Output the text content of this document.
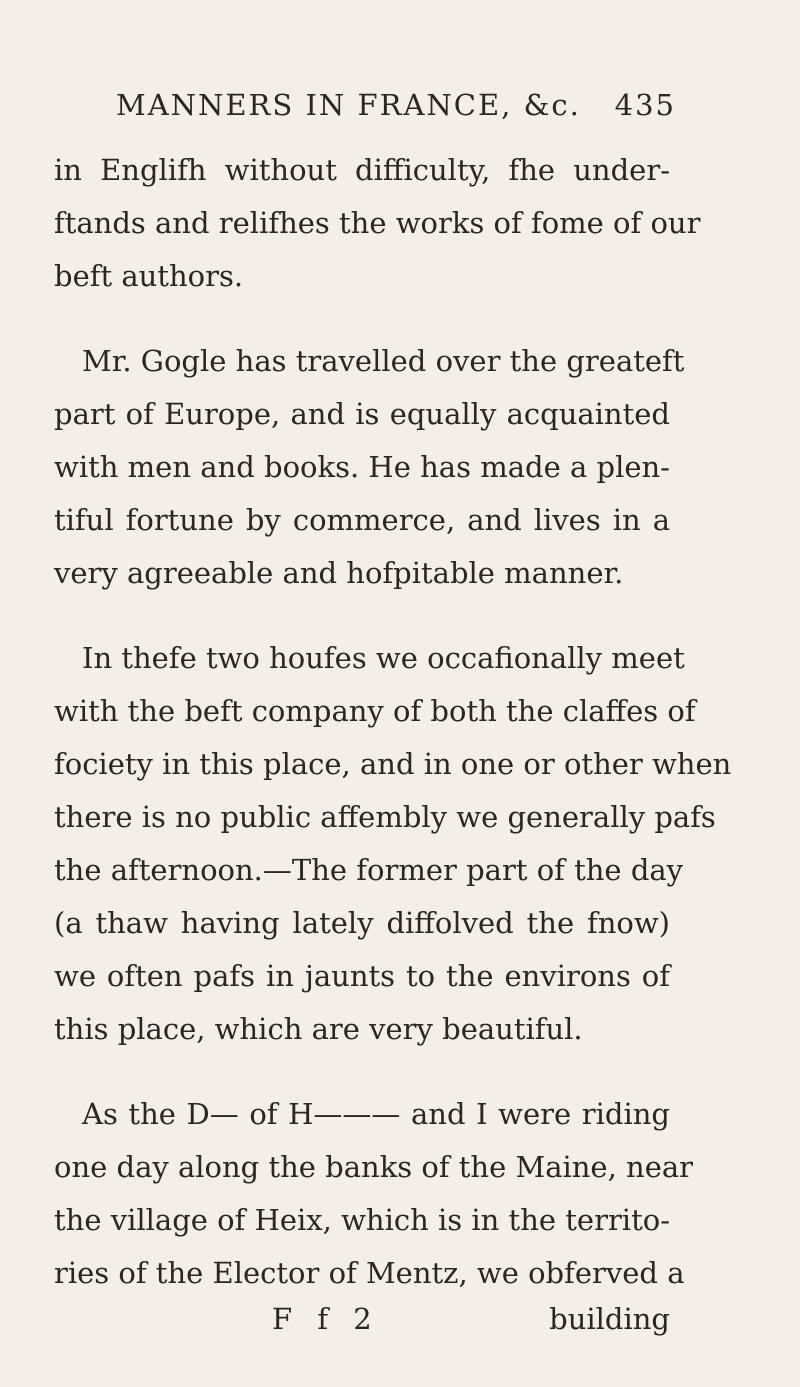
MANNERS IN FRANCE, &c. 435
in Englifh without difficulty, fhe under-
ftands and relifhes the works of fome of our
beft authors.
Mr. Gogle has travelled over the greateft
part of Europe, and is equally acquainted
with men and books. He has made a plen-
tiful fortune by commerce, and lives in a
very agreeable and hofpitable manner.
In thefe two houfes we occafionally meet
with the beft company of both the claffes of
fociety in this place, and in one or other when
there is no public affembly we generally pafs
the afternoon.—The former part of the day
(a thaw having lately diffolved the fnow)
we often pafs in jaunts to the environs of
this place, which are very beautiful.
As the D— of H——— and I were riding
one day along the banks of the Maine, near
the village of Heix, which is in the territo-
ries of the Elector of Mentz, we obferved a
F f 2	building
